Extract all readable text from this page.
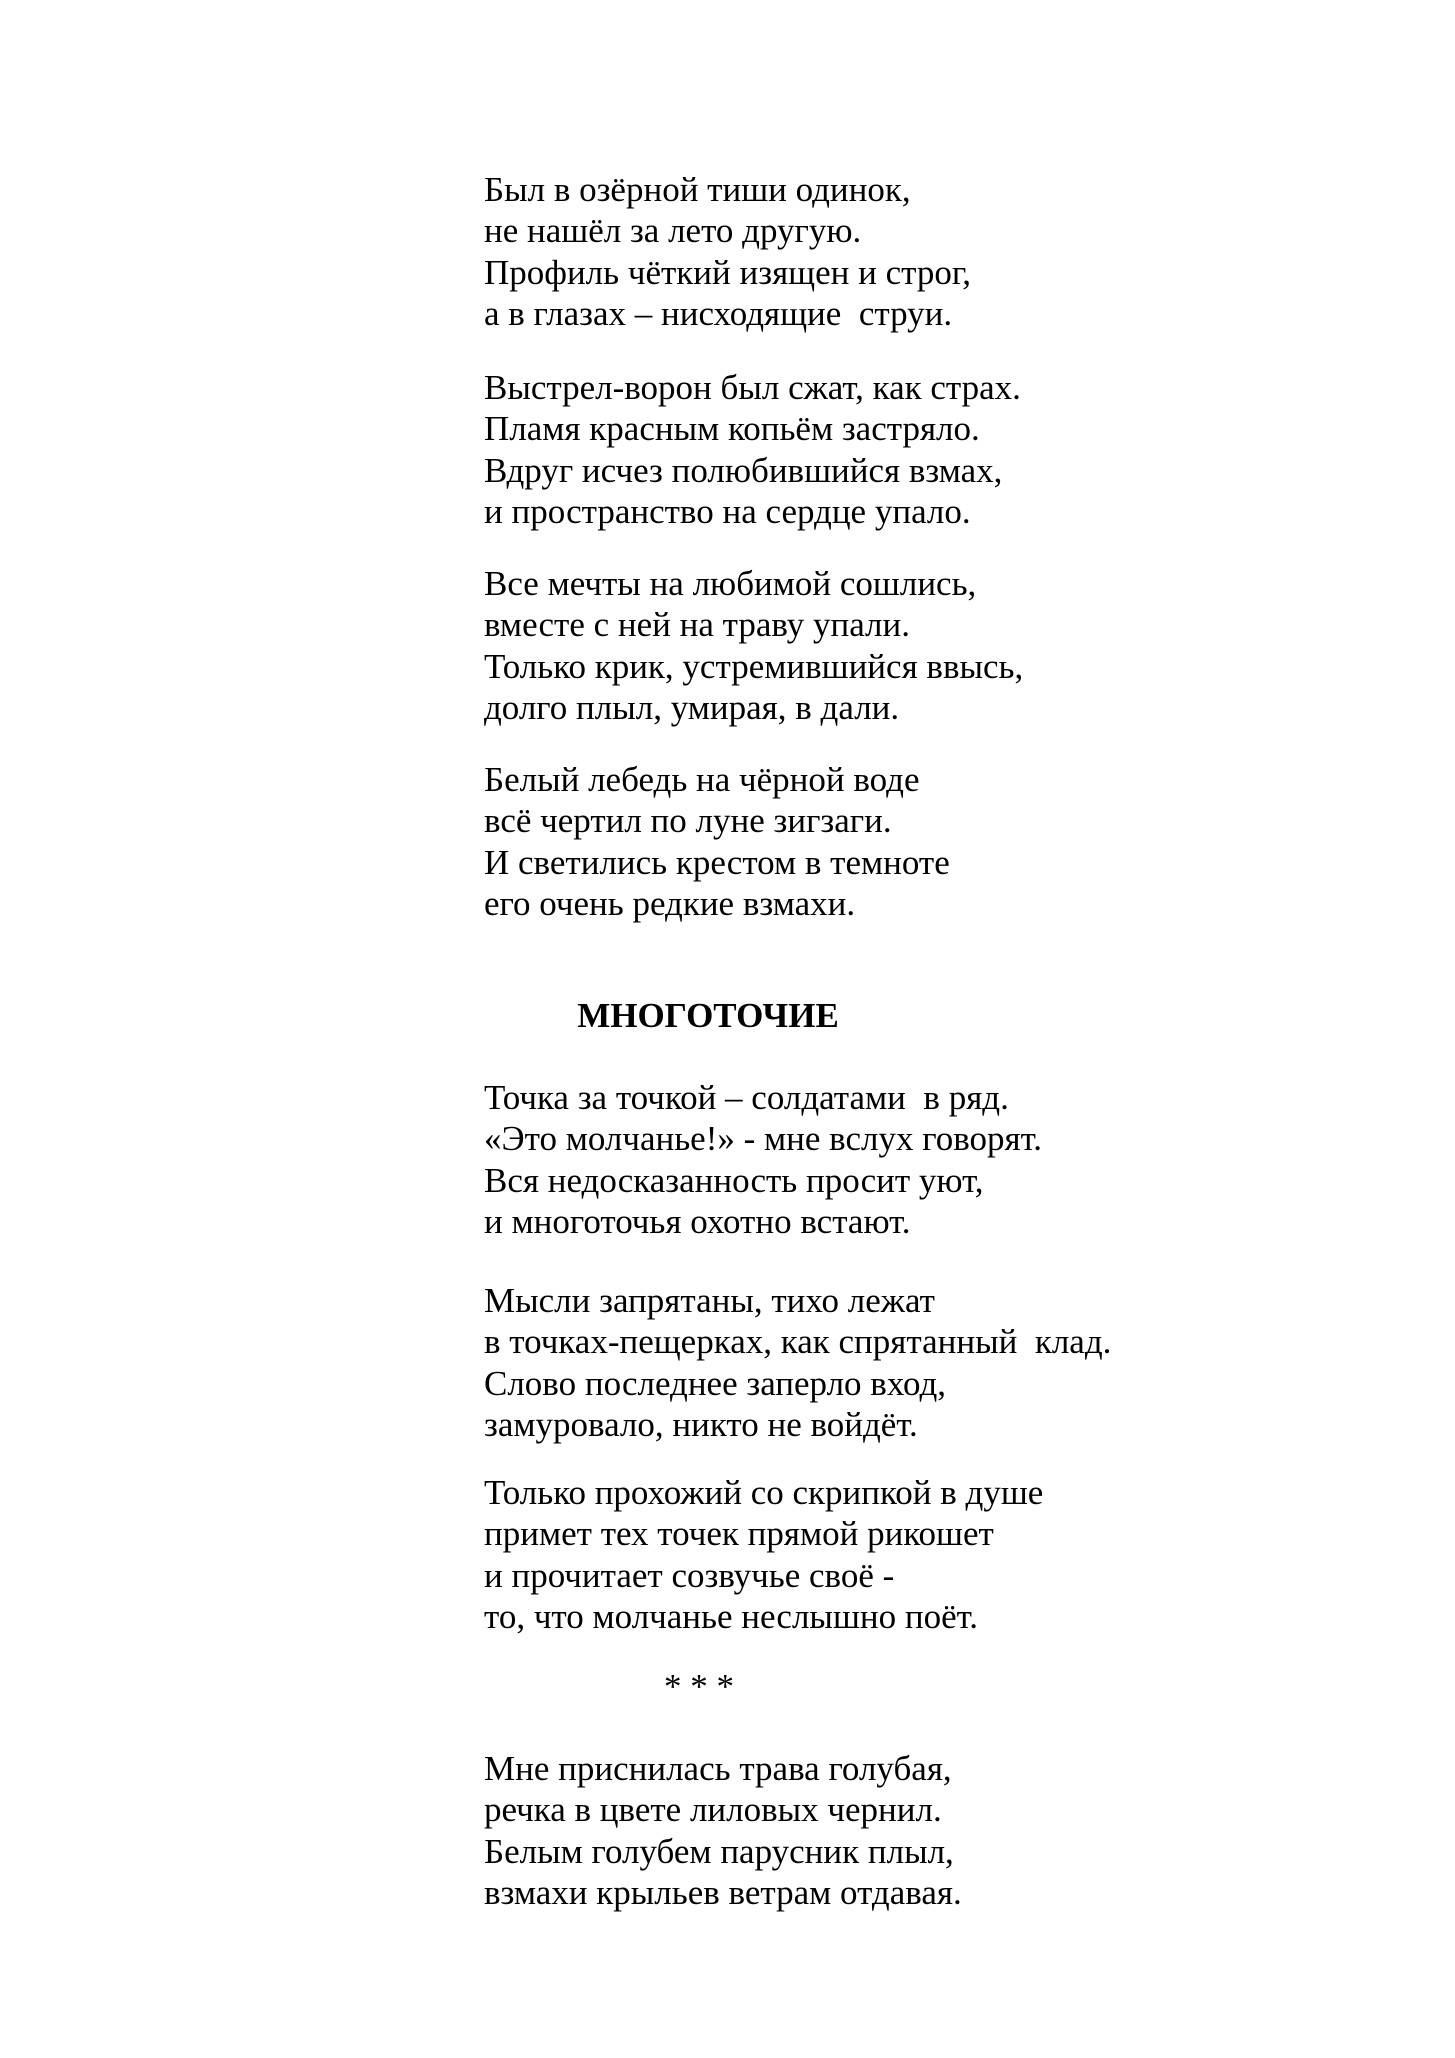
Был в озёрной тиши одинок,
не нашёл за лето другую.
Профиль чёткий изящен и строг,
а в глазах – нисходящие  струи.
Выстрел-ворон был сжат, как страх.
Пламя красным копьём застряло.
Вдруг исчез полюбившийся взмах,
и пространство на сердце упало.
Все мечты на любимой сошлись,
вместе с ней на траву упали.
Только крик, устремившийся ввысь,
долго плыл, умирая, в дали.
Белый лебедь на чёрной воде
всё чертил по луне зигзаги.
И светились крестом в темноте
его очень редкие взмахи.
МНОГОТОЧИЕ
Точка за точкой – солдатами  в ряд.
«Это молчанье!» - мне вслух говорят.
Вся недосказанность просит уют,
и многоточья охотно встают.
Мысли запрятаны, тихо лежат
в точках-пещерках, как спрятанный  клад.
Слово последнее заперло вход,
замуровало, никто не войдёт.
Только прохожий со скрипкой в душе
примет тех точек прямой рикошет
и прочитает созвучье своё -
то, что молчанье неслышно поёт.
* * *
Мне приснилась трава голубая,
речка в цвете лиловых чернил.
Белым голубем парусник плыл,
взмахи крыльев ветрам отдавая.
